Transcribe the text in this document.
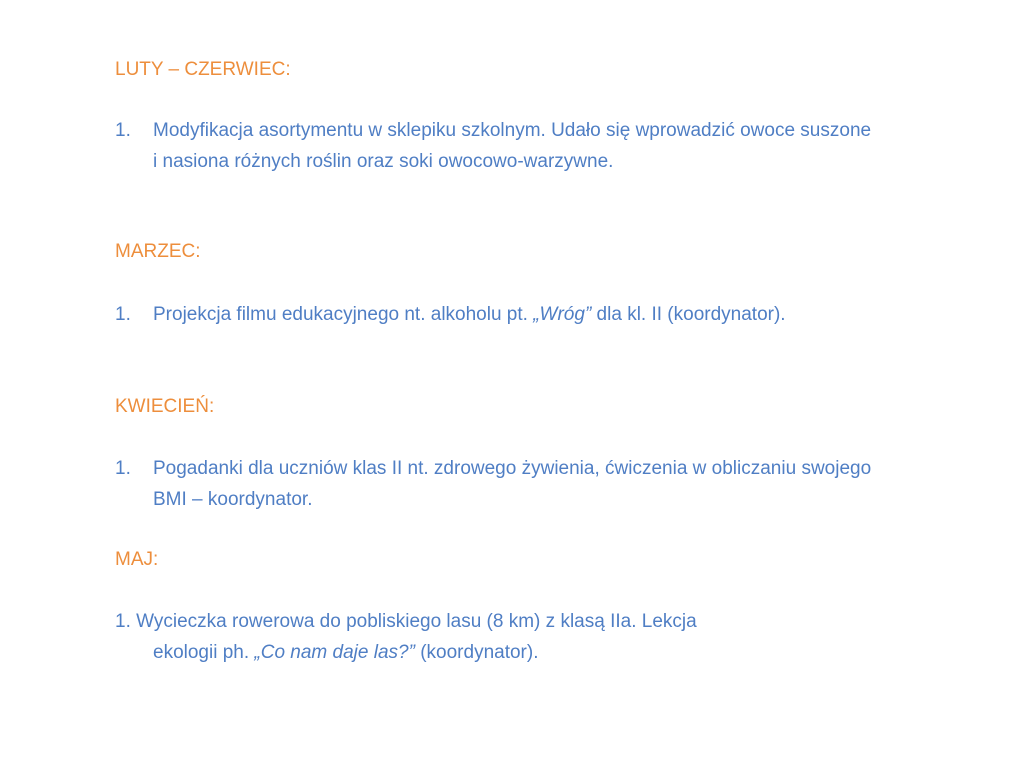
LUTY – CZERWIEC:
1.	Modyfikacja asortymentu w sklepiku szkolnym. Udało się wprowadzić owoce suszone i nasiona różnych roślin oraz soki owocowo-warzywne.
MARZEC:
1.	Projekcja filmu edukacyjnego nt. alkoholu pt. „Wróg” dla kl. II (koordynator).
KWIECIEŃ:
1.	Pogadanki dla uczniów klas II nt. zdrowego żywienia, ćwiczenia w obliczaniu swojego BMI – koordynator.
MAJ:
1. Wycieczka rowerowa do pobliskiego lasu (8 km) z klasą IIa. Lekcja
ekologii ph. „Co nam daje las?” (koordynator).
